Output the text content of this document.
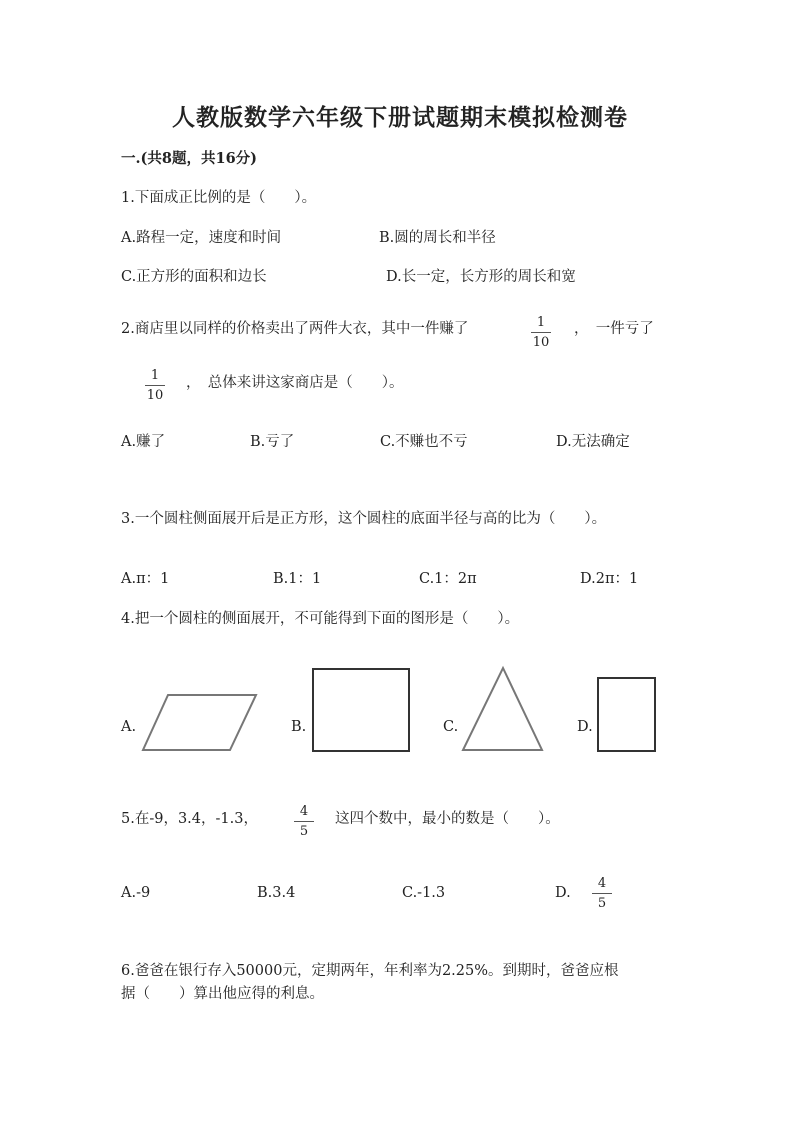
人教版数学六年级下册试题期末模拟检测卷
一.(共8题，共16分)
1.下面成正比例的是（　　）。
A.路程一定，速度和时间	B.圆的周长和半径
C.正方形的面积和边长	D.长一定，长方形的周长和宽
2.商店里以同样的价格卖出了两件大衣，其中一件赚了	1
10
，　一件亏了
1
10
，　总体来讲这家商店是（　　）。
A.赚了	B.亏了	C.不赚也不亏	D.无法确定
3.一个圆柱侧面展开后是正方形，这个圆柱的底面半径与高的比为（　　）。
A.π：1	B.1：1	C.1：2π	D.2π：1
4.把一个圆柱的侧面展开，不可能得到下面的图形是（　　）。
A.	B.	C.	D.
5.在-9，3.4，-1.3，	4
5
这四个数中，最小的数是（　　）。
A.-9	B.3.4	C.-1.3	D.
4
5
6.爸爸在银行存入50000元，定期两年，年利率为2.25%。到期时，爸爸应根
据（　　）算出他应得的利息。
